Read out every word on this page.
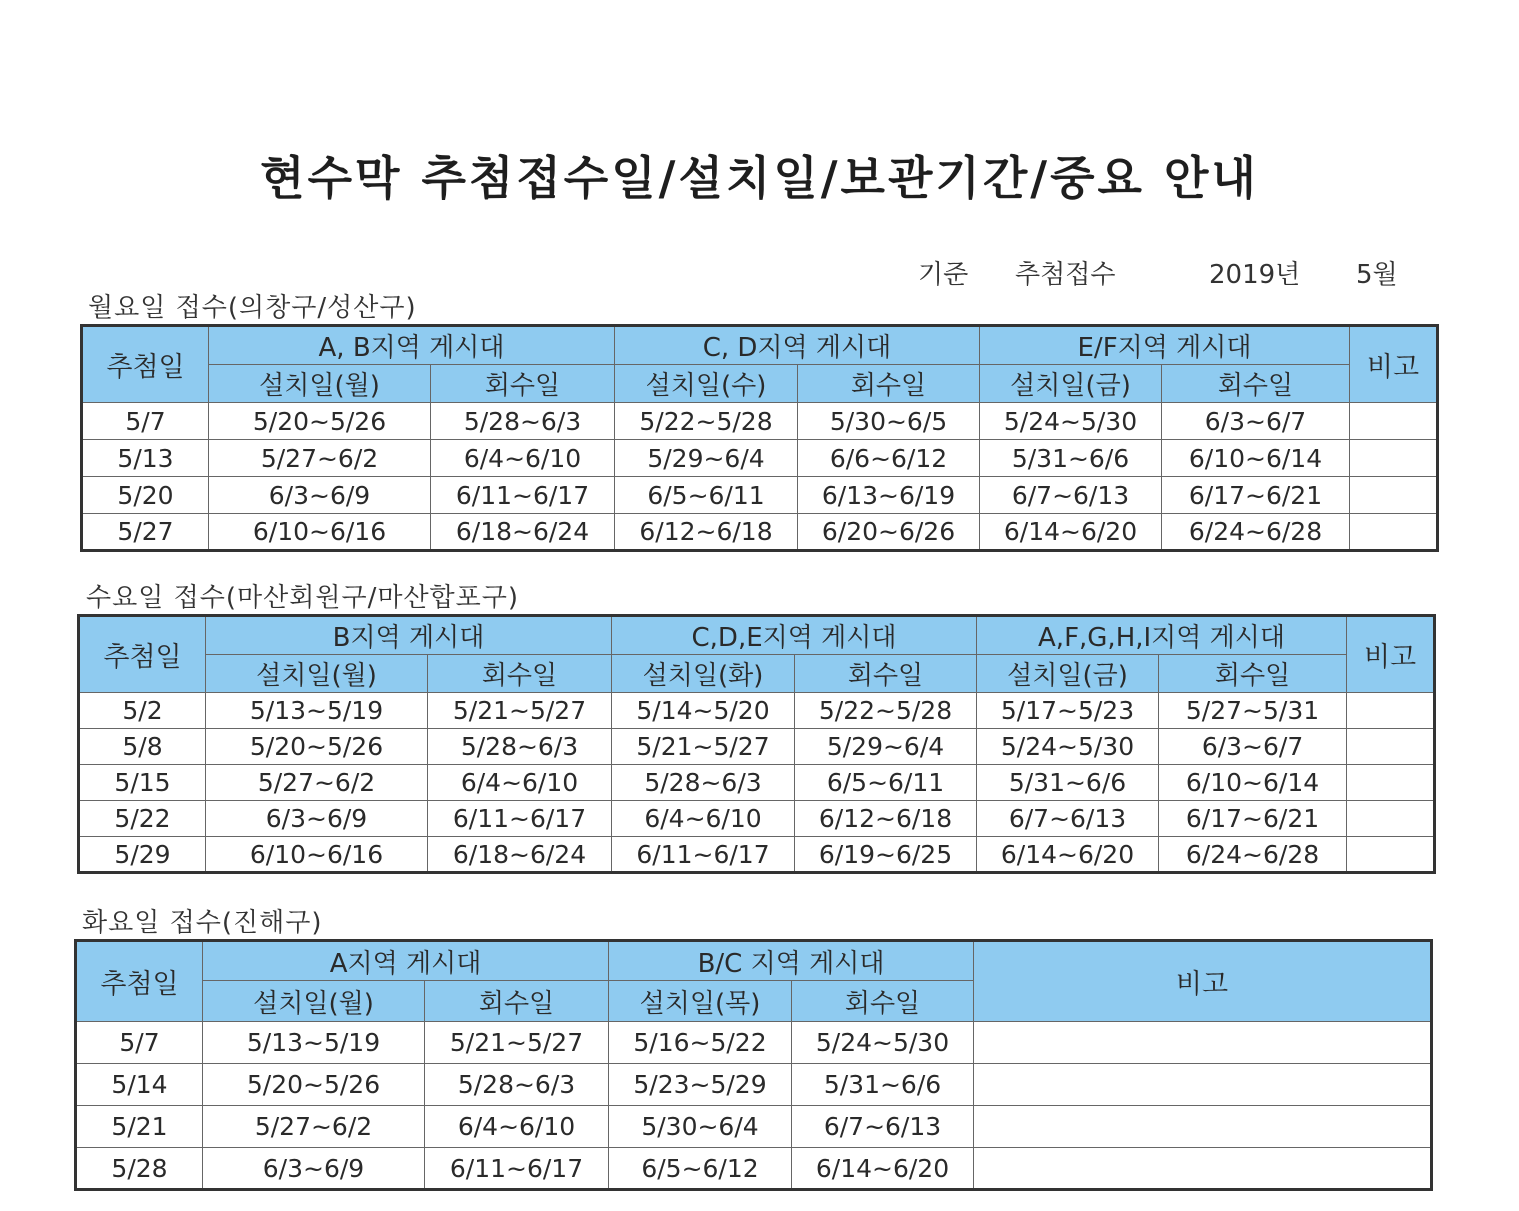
현수막 추첨접수일/설치일/보관기간/중요 안내
기준 추첨접수	2019년 5월
월요일 접수(의창구/성산구)
추첨일	A, B지역 게시대		C, D지역 게시대		E/F지역 게시대		비고
	설치일(월)	회수일	설치일(수)	회수일	설치일(금)	회수일	
5/7	5/20~5/26	5/28~6/3	5/22~5/28	5/30~6/5	5/24~5/30	6/3~6/7	
5/13	5/27~6/2	6/4~6/10	5/29~6/4	6/6~6/12	5/31~6/6	6/10~6/14	
5/20	6/3~6/9	6/11~6/17	6/5~6/11	6/13~6/19	6/7~6/13	6/17~6/21	
5/27	6/10~6/16	6/18~6/24	6/12~6/18	6/20~6/26	6/14~6/20	6/24~6/28	
수요일 접수(마산회원구/마산합포구)
추첨일	B지역 게시대		C,D,E지역 게시대		A,F,G,H,I지역 게시대		비고
	설치일(월)	회수일	설치일(화)	회수일	설치일(금)	회수일	
5/2	5/13~5/19	5/21~5/27	5/14~5/20	5/22~5/28	5/17~5/23	5/27~5/31	
5/8	5/20~5/26	5/28~6/3	5/21~5/27	5/29~6/4	5/24~5/30	6/3~6/7	
5/15	5/27~6/2	6/4~6/10	5/28~6/3	6/5~6/11	5/31~6/6	6/10~6/14	
5/22	6/3~6/9	6/11~6/17	6/4~6/10	6/12~6/18	6/7~6/13	6/17~6/21	
5/29	6/10~6/16	6/18~6/24	6/11~6/17	6/19~6/25	6/14~6/20	6/24~6/28	
화요일 접수(진해구)
추첨일	A지역 게시대		B/C 지역 게시대		비고
	설치일(월)	회수일	설치일(목)	회수일	
5/7	5/13~5/19	5/21~5/27	5/16~5/22	5/24~5/30	
5/14	5/20~5/26	5/28~6/3	5/23~5/29	5/31~6/6	
5/21	5/27~6/2	6/4~6/10	5/30~6/4	6/7~6/13	
5/28	6/3~6/9	6/11~6/17	6/5~6/12	6/14~6/20	
